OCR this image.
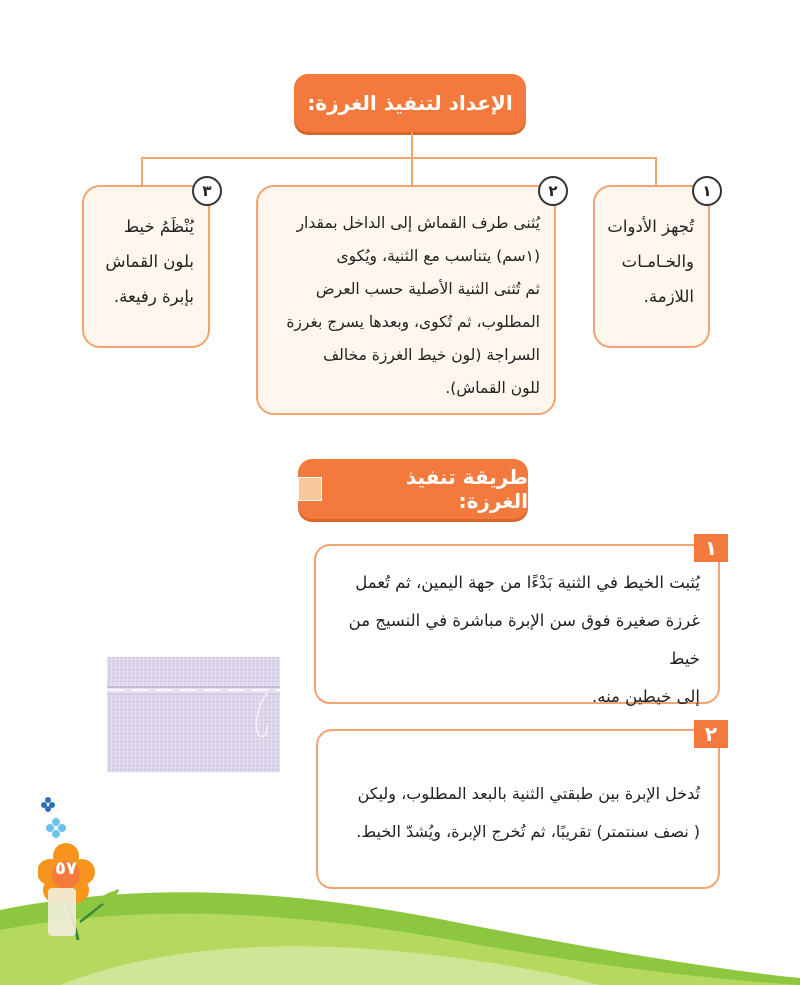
الإعداد لتنفيذ الغرزة:
تُجهز الأدوات
والخـامـات
اللازمة.
١
يُثنى طرف القماش إلى الداخل بمقدار
(١سم) يتناسب مع الثنية، ويُكوى
ثم تُثنى الثنية الأصلية حسب العرض
المطلوب، ثم تُكوى، وبعدها يسرج بغرزة
السراجة (لون خيط الغرزة مخالف
للون القماش).
٢
يُنْظَمُ خيط
بلون القماش
بإبرة رفيعة.
٣
طريقة تنفيذ الغرزة:
يُثبت الخيط في الثنية بَدْءًا من جهة اليمين، ثم تُعمل
غرزة صغيرة فوق سن الإبرة مباشرة في النسيج من خيط
إلى خيطين منه.
١
تُدخل الإبرة بين طبقتي الثنية بالبعد المطلوب، وليكن
( نصف سنتمتر) تقريبًا، ثم تُخرج الإبرة، ويُشدّ الخيط.
٢
٥٧
